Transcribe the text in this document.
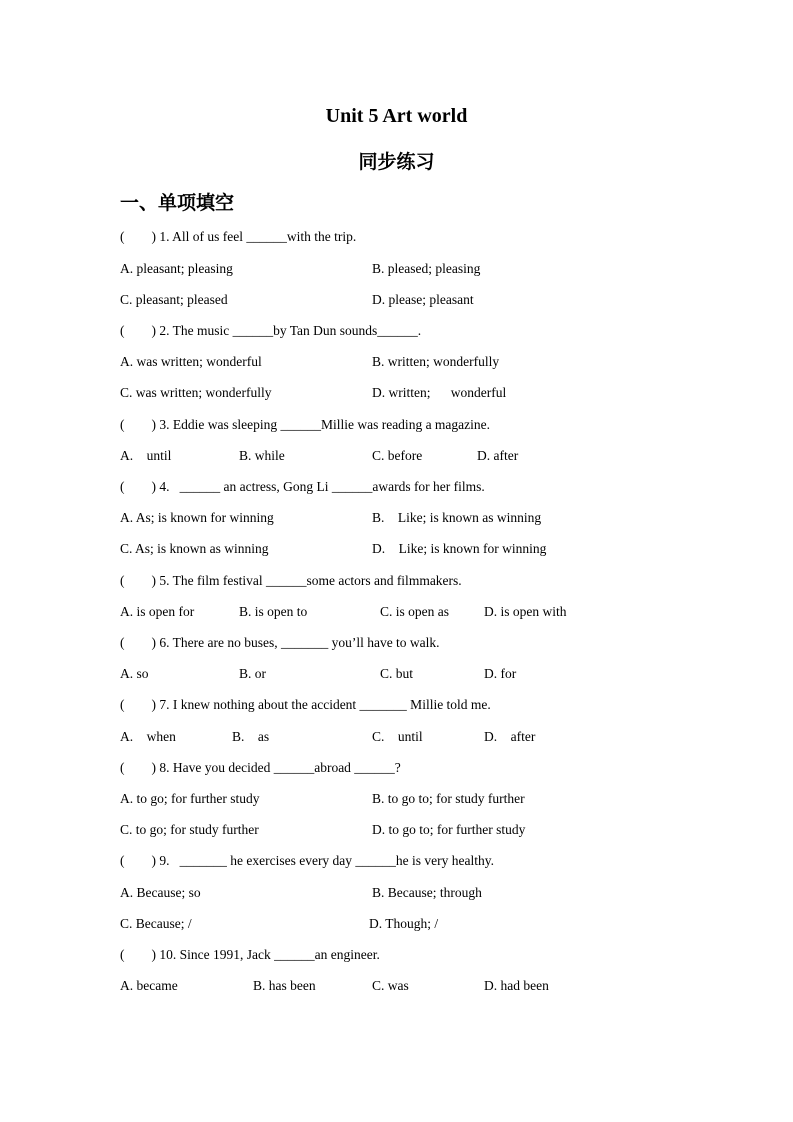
Unit 5 Art world
同步练习
一、单项填空
(        ) 1. All of us feel ______with the trip.
A. pleasant; pleasing	B. pleased; pleasing
C. pleasant; pleased	D. please; pleasant
(        ) 2. The music ______by Tan Dun sounds______.
A. was written; wonderful	B. written; wonderfully
C. was written; wonderfully	D. written;      wonderful
(        ) 3. Eddie was sleeping ______Millie was reading a magazine.
A.    until	B. while	C. before	D. after
(        ) 4.   ______ an actress, Gong Li ______awards for her films.
A. As; is known for winning	B.    Like; is known as winning
C. As; is known as winning	D.    Like; is known for winning
(        ) 5. The film festival ______some actors and filmmakers.
A. is open for	B. is open to	C. is open as	D. is open with
(        ) 6. There are no buses, _______ you’ll have to walk.
A. so	B. or	C. but	D. for
(        ) 7. I knew nothing about the accident _______ Millie told me.
A.    when	B.    as	C.    until	D.    after
(        ) 8. Have you decided ______abroad ______?
A. to go; for further study	B. to go to; for study further
C. to go; for study further	D. to go to; for further study
(        ) 9.   _______ he exercises every day ______he is very healthy.
A. Because; so	B. Because; through
C. Because; /	D. Though; /
(        ) 10. Since 1991, Jack ______an engineer.
A. became	B. has been	C. was	D. had been
